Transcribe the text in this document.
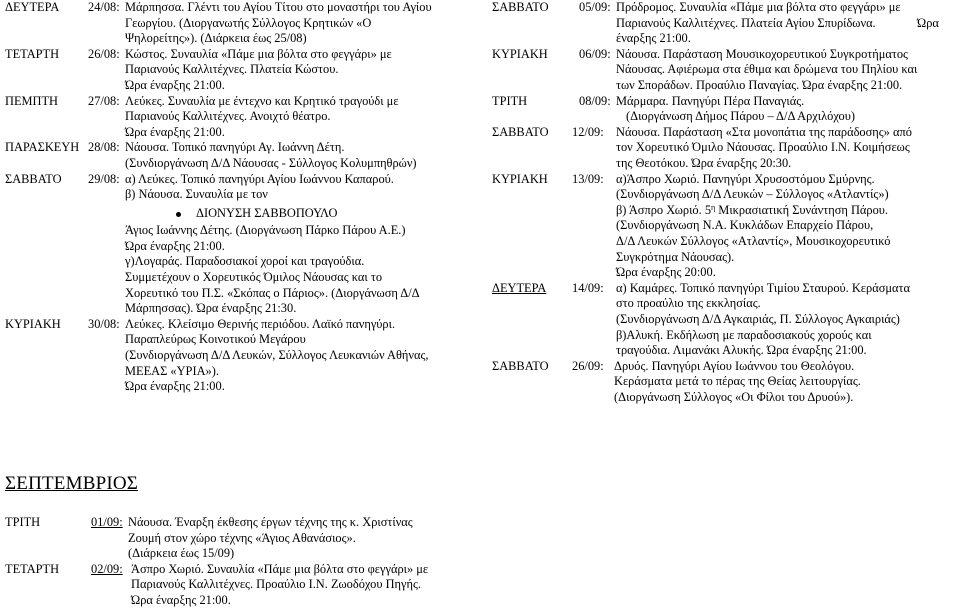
ΔΕΥΤΕΡΑ 24/08: Μάρπησσα. Γλέντι του Αγίου Τίτου στο μοναστήρι του Αγίου
Γεωργίου. (Διοργανωτής Σύλλογος Κρητικών «Ο
Ψηλορείτης»). (Διάρκεια έως 25/08)
ΤΕΤΑΡΤΗ 26/08: Κώστος. Συναυλία «Πάμε μια βόλτα στο φεγγάρι» με
Παριανούς Καλλιτέχνες. Πλατεία Κώστου.
Ώρα έναρξης 21:00.
ΠΕΜΠΤΗ 27/08: Λεύκες. Συναυλία με έντεχνο και Κρητικό τραγούδι με
Παριανούς Καλλιτέχνες. Ανοιχτό θέατρο.
Ώρα έναρξης 21:00.
ΠΑΡΑΣΚΕΥΗ 28/08: Νάουσα. Τοπικό πανηγύρι Αγ. Ιωάννη Δέτη.
(Συνδιοργάνωση Δ/Δ Νάουσας - Σύλλογος Κολυμπηθρών)
ΣΑΒΒΑΤΟ 29/08: α) Λεύκες. Τοπικό πανηγύρι Αγίου Ιωάννου Καπαρού.
β) Νάουσα. Συναυλία με τον
ΔΙΟΝΥΣΗ ΣΑΒΒΟΠΟΥΛΟ
Άγιος Ιωάννης Δέτης. (Διοργάνωση Πάρκο Πάρου Α.Ε.)
Ώρα έναρξης 21:00.
γ)Λογαράς. Παραδοσιακοί χοροί και τραγούδια.
Συμμετέχουν ο Χορευτικός Όμιλος Νάουσας και το
Χορευτικό του Π.Σ. «Σκόπας ο Πάριος». (Διοργάνωση Δ/Δ
Μάρπησσας). Ώρα έναρξης 21:30.
ΚΥΡΙΑΚΗ 30/08: Λεύκες. Κλείσιμο Θερινής περιόδου. Λαϊκό πανηγύρι.
Παραπλεύρως Κοινοτικού Μεγάρου
(Συνδιοργάνωση Δ/Δ Λευκών, Σύλλογος Λευκανιών Αθήνας,
ΜΕΕΑΣ «ΥΡΙΑ»).
Ώρα έναρξης 21:00.
ΣΑΒΒΑΤΟ 05/09: Πρόδρομος. Συναυλία «Πάμε μια βόλτα στο φεγγάρι» με
Παριανούς Καλλιτέχνες. Πλατεία Αγίου Σπυρίδωνα.	Ώρα
έναρξης 21:00.
ΚΥΡΙΑΚΗ	06/09: Νάουσα. Παράσταση Μουσικοχορευτικού Συγκροτήματος
Νάουσας. Αφιέρωμα στα έθιμα και δρώμενα του Πηλίου και
των Σποράδων. Προαύλιο Παναγίας. Ώρα έναρξης 21:00.
ΤΡΙΤΗ	08/09: Μάρμαρα. Πανηγύρι Πέρα Παναγιάς.
(Διοργάνωση Δήμος Πάρου – Δ/Δ Αρχιλόχου)
ΣΑΒΒΑΤΟ 12/09: Νάουσα. Παράσταση «Στα μονοπάτια της παράδοσης» από
τον Χορευτικό Όμιλο Νάουσας. Προαύλιο Ι.Ν. Κοιμήσεως
της Θεοτόκου. Ώρα έναρξης 20:30.
ΚΥΡΙΑΚΗ 13/09: α)Άσπρο Χωριό. Πανηγύρι Χρυσοστόμου Σμύρνης.
(Συνδιοργάνωση Δ/Δ Λευκών – Σύλλογος «Ατλαντίς»)
β) Άσπρο Χωριό. $5^\eta$ Μικρασιατική Συνάντηση Πάρου.
(Συνδιοργάνωση Ν.Α. Κυκλάδων Επαρχείο Πάρου,
Δ/Δ Λευκών Σύλλογος «Ατλαντίς», Μουσικοχορευτικό
Συγκρότημα Νάουσας).
Ώρα έναρξης 20:00.
ΔΕΥΤΕΡΑ 14/09: α) Καμάρες. Τοπικό πανηγύρι Τιμίου Σταυρού. Κεράσματα
στο προαύλιο της εκκλησίας.
(Συνδιοργάνωση Δ/Δ Αγκαιριάς, Π. Σύλλογος Αγκαιριάς)
β)Αλυκή. Εκδήλωση με παραδοσιακούς χορούς και
τραγούδια. Λιμανάκι Αλυκής. Ώρα έναρξης 21:00.
ΣΑΒΒΑΤΟ 26/09: Δρυός. Πανηγύρι Αγίου Ιωάννου του Θεολόγου.
Κεράσματα μετά το πέρας της Θείας λειτουργίας.
(Διοργάνωση Σύλλογος «Οι Φίλοι του Δρυού»).
ΣΕΠΤΕΜΒΡΙΟΣ
ΤΡΙΤΗ	01/09: Νάουσα. Έναρξη έκθεσης έργων τέχνης της κ. Χριστίνας
Ζουμή στον χώρο τέχνης «Άγιος Αθανάσιος».
(Διάρκεια έως 15/09)
ΤΕΤΑΡΤΗ	02/09: Άσπρο Χωριό. Συναυλία «Πάμε μια βόλτα στο φεγγάρι» με
Παριανούς Καλλιτέχνες. Προαύλιο Ι.Ν. Ζωοδόχου Πηγής.
Ώρα έναρξης 21:00.
